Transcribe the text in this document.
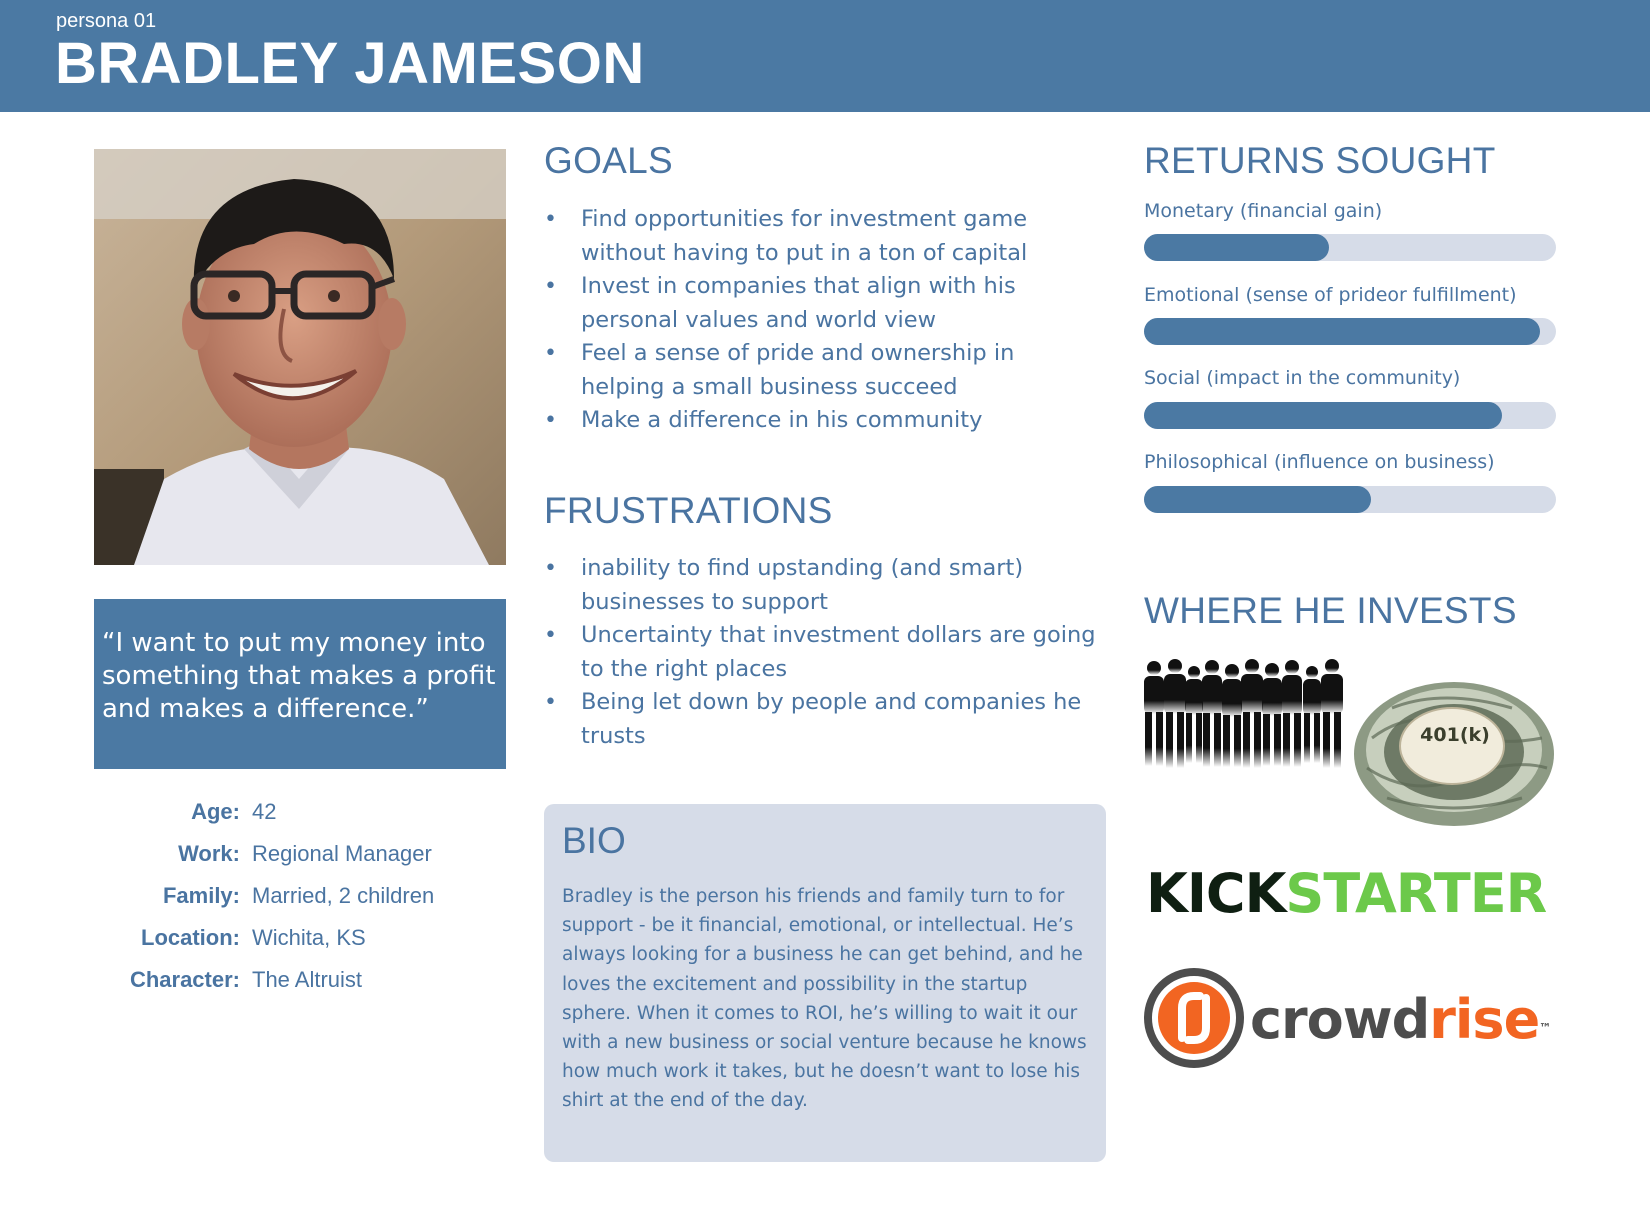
persona 01
BRADLEY JAMESON
“I want to put my money into
something that makes a profit
and makes a difference.”
Age: 42
Work: Regional Manager
Family: Married, 2 children
Location: Wichita, KS
Character: The Altruist
GOALS
• Find opportunities for investment game without having to put in a ton of capital
• Invest in companies that align with his personal values and world view
• Feel a sense of pride and ownership in helping a small business succeed
• Make a difference in his community
FRUSTRATIONS
• inability to find upstanding (and smart) businesses to support
• Uncertainty that investment dollars are going to the right places
• Being let down by people and companies he trusts
BIO
Bradley is the person his friends and family turn to for support - be it financial, emotional, or intellectual. He’s always looking for a business he can get behind, and he loves the excitement and possibility in the startup sphere. When it comes to ROI, he’s willing to wait it our with a new business or social venture because he knows how much work it takes, but he doesn’t want to lose his shirt at the end of the day.
RETURNS SOUGHT
Monetary (financial gain)
Emotional (sense of prideor fulfillment)
Social (impact in the community)
Philosophical (influence on business)
WHERE HE INVESTS
401(k)
KICKSTARTER
crowdrise™
